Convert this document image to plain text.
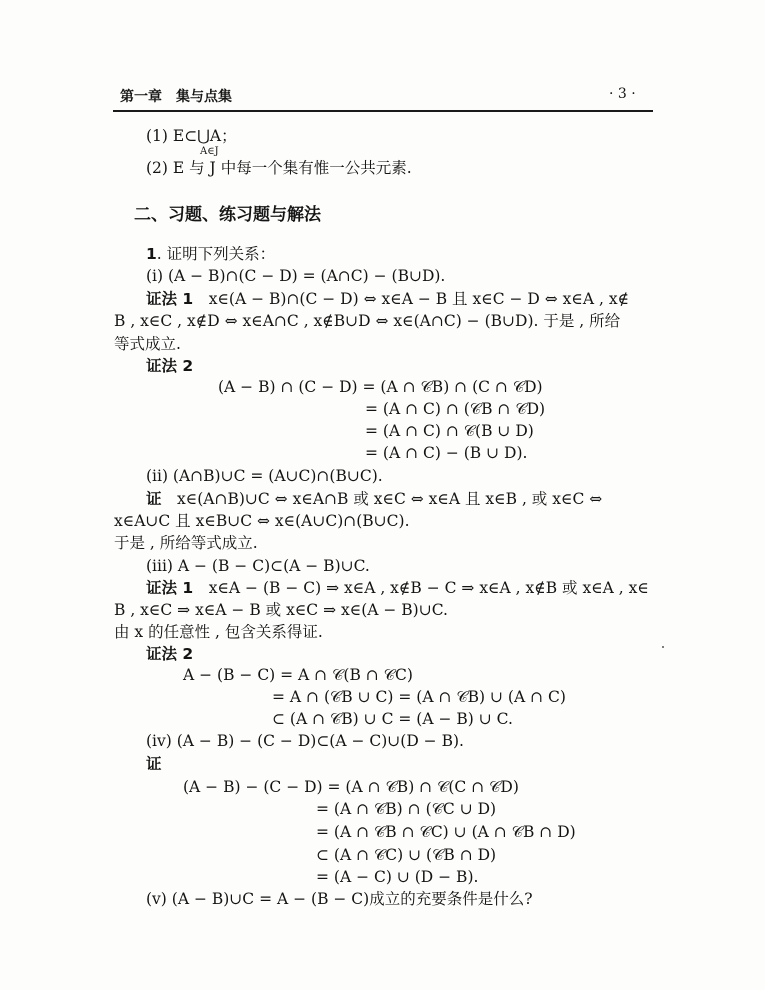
第一章　集与点集	· 3 ·
(1) E⊂⋃A；
A∈J
(2) E 与 J 中每一个集有惟一公共元素.
二、习题、练习题与解法
1. 证明下列关系：
(i) (A − B)∩(C − D) = (A∩C) − (B∪D).
证法 1　 x∈(A − B)∩(C − D) ⇔ x∈A − B 且 x∈C − D ⇔ x∈A , x∉
B , x∈C , x∉D ⇔ x∈A∩C , x∉B∪D ⇔ x∈(A∩C) − (B∪D). 于是 , 所给
等式成立.
证法 2
(A − B) ∩ (C − D) = (A ∩ 𝒞B) ∩ (C ∩ 𝒞D)
= (A ∩ C) ∩ (𝒞B ∩ 𝒞D)
= (A ∩ C) ∩ 𝒞(B ∪ D)
= (A ∩ C) − (B ∪ D).
(ii) (A∩B)∪C = (A∪C)∩(B∪C).
证　 x∈(A∩B)∪C ⇔ x∈A∩B 或 x∈C ⇔ x∈A 且 x∈B , 或 x∈C ⇔
x∈A∪C 且 x∈B∪C ⇔ x∈(A∪C)∩(B∪C).
于是 , 所给等式成立.
(iii) A − (B − C)⊂(A − B)∪C.
证法 1　 x∈A − (B − C) ⇒ x∈A , x∉B − C ⇒ x∈A , x∉B 或 x∈A , x∈
B , x∈C ⇒ x∈A − B 或 x∈C ⇒ x∈(A − B)∪C.
由 x 的任意性 , 包含关系得证.
证法 2
A − (B − C) = A ∩ 𝒞(B ∩ 𝒞C)
= A ∩ (𝒞B ∪ C) = (A ∩ 𝒞B) ∪ (A ∩ C)
⊂ (A ∩ 𝒞B) ∪ C = (A − B) ∪ C.
(iv) (A − B) − (C − D)⊂(A − C)∪(D − B).
证
(A − B) − (C − D) = (A ∩ 𝒞B) ∩ 𝒞(C ∩ 𝒞D)
= (A ∩ 𝒞B) ∩ (𝒞C ∪ D)
= (A ∩ 𝒞B ∩ 𝒞C) ∪ (A ∩ 𝒞B ∩ D)
⊂ (A ∩ 𝒞C) ∪ (𝒞B ∩ D)
= (A − C) ∪ (D − B).
(v) (A − B)∪C = A − (B − C)成立的充要条件是什么?
